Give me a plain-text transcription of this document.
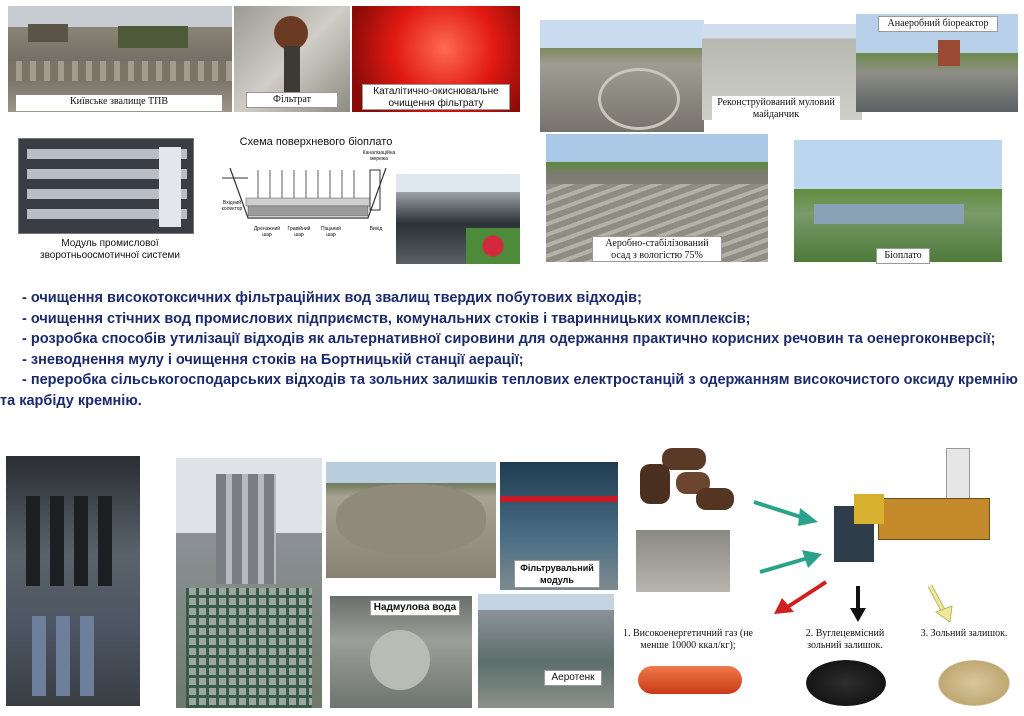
Київське звалище ТПВ	Фільтрат
Каталітично-окиснювальне очищення фільтрату
Модуль промислової зворотньоосмотичної системи
Схема поверхневого біоплато
Вхідний колектор
Дренажний шар
Гравійний шар
Піщаний шар
Вихід
Каналізаційна мережа
Реконструйований муловий майданчик
Анаеробний біореактор
Аеробно-стабілізований осад з вологістю 75%	Біоплато

- очищення високотоксичних фільтраційних вод звалищ твердих побутових відходів;

- очищення стічних вод промислових підприємств, комунальних стоків і тваринницьких комплексів;

- розробка способів утилізації відходів як альтернативної сировини для одержання практично корисних речовин та оенергоконверсії;

- зневоднення мулу і очищення стоків на Бортницькій станції аерації;

- переробка сільськогосподарських відходів та зольних залишків теплових електростанцій з одержанням високочистого оксиду кремнію та карбіду кремнію.

Фільтрувальний модуль
Надмулова вода
Аеротенк
1. Високоенергетичний газ (не менше 10000 ккал/кг);
2. Вуглецевмісний зольний залишок.
3. Зольний залишок.
